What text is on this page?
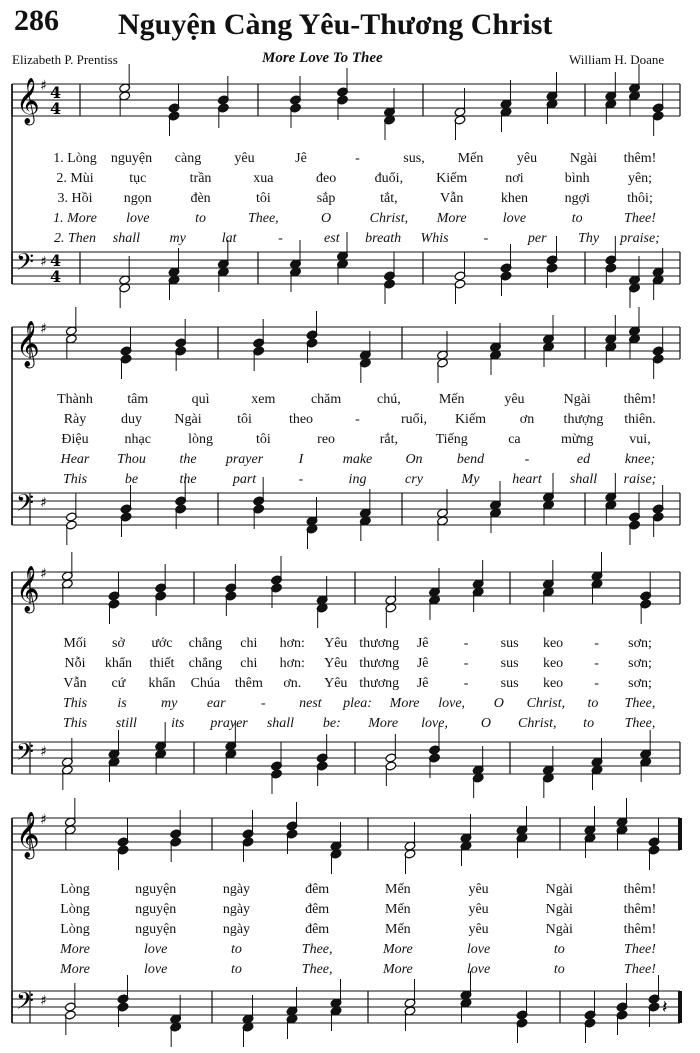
286 Nguyện Càng Yêu-Thương Christ
Elizabeth P. Prentiss	More Love To Thee	William H. Doane
𝄞 ♯ 4
4
𝄢 ♯ 4
4
1. Lòng nguyện càng yêu	Jê	-	sus, Mến yêu Ngài thêm!
2. Mùi	tục	trần	xua	đeo	đuổi, Kiếm	nơi	bình	yên;
3. Hồi ngọn	đèn	tôi	sắp	tắt,	Vẫn	khen	ngợi	thôi;
1. More love	to	Thee,	O	Christ, More	love	to	Thee!
2. Then shall my	lat	-	est breath Whis	-	per Thy praise;
𝄞 ♯
𝄢 ♯
Thành tâm	quì	xem	chăm	chú,	Mến	yêu	Ngài thêm!
Rày duy Ngài	tôi	theo	-	ruổi, Kiếm ơn thượng thiên.
Điệu	nhạc	lòng	tôi	reo	rắt,	Tiếng	ca	mừng	vui,
Hear Thou the prayer	I	make On bend	-	ed knee;
This	be	the	part	-	ing	cry	My heart shall raise;
𝄞 ♯
𝄢 ♯
Mối sở ước chẳng chi hơn: Yêu thương Jê	- sus keo - sơn;
Nỗi khẩn thiết chẳng chi hơn: Yêu thương Jê	- sus keo - sơn;
Vẫn cứ khẩn Chúa thêm ơn. Yêu thương Jê	- sus keo - sơn;
This is my ear	- nest plea: More love, O Christ, to Thee,
This still its prayer shall be: More love, O Christ, to Thee,
𝄞 ♯
𝄢 ♯	𝄽
Lòng	nguyện	ngày	đêm	Mến	yêu	Ngài	thêm!
Lòng	nguyện	ngày	đêm	Mến	yêu	Ngài	thêm!
Lòng	nguyện	ngày	đêm	Mến	yêu	Ngài	thêm!
More	love	to	Thee,	More	love	to	Thee!
More	love	to	Thee,	More	love	to	Thee!
